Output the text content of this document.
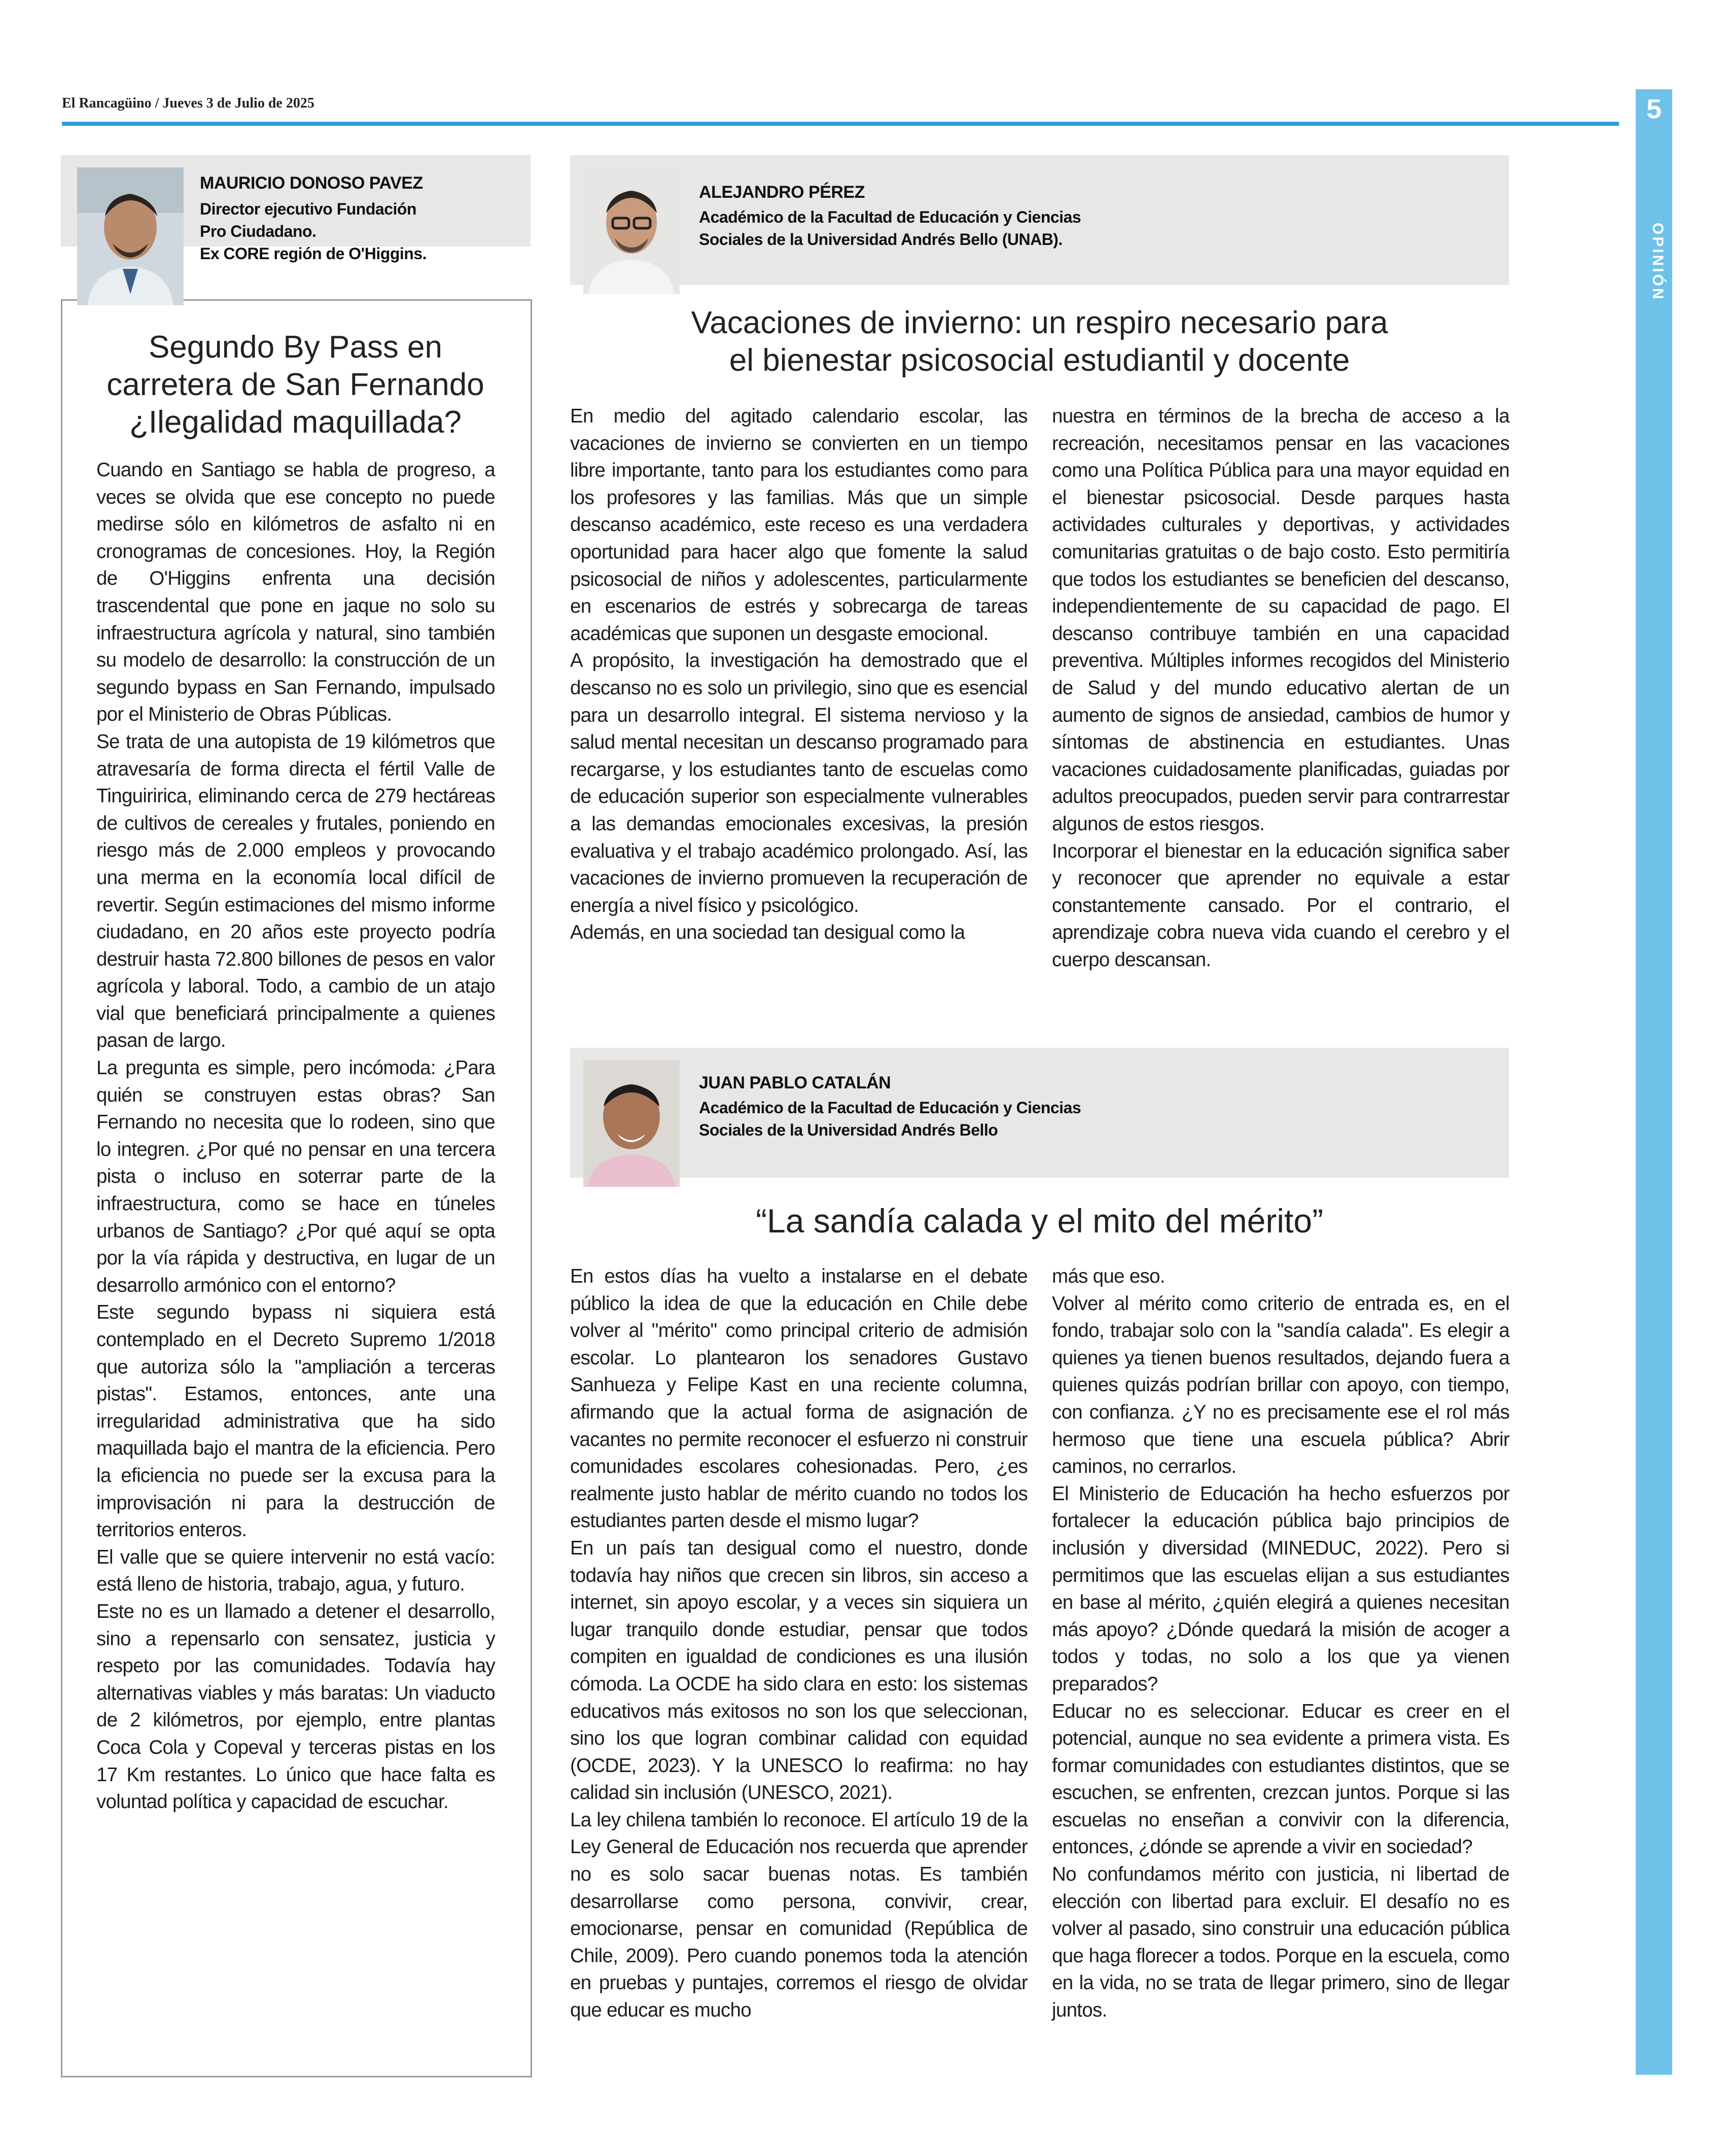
El Rancagüino / Jueves 3 de Julio de 2025	5
OPINIÓN
MAURICIO DONOSO PAVEZ
Director ejecutivo Fundación
Pro Ciudadano.
Ex CORE región de O'Higgins.
Segundo By Pass en
carretera de San Fernando
¿Ilegalidad maquillada?

Cuando en Santiago se habla de progreso, a veces se olvida que ese concepto no puede medirse sólo en kilómetros de asfalto ni en cronogramas de concesiones. Hoy, la Región de O'Higgins enfrenta una decisión trascendental que pone en jaque no solo su infraestructura agrícola y natural, sino también su modelo de desarrollo: la construcción de un segundo bypass en San Fernando, impulsado por el Ministerio de Obras Públicas.

Se trata de una autopista de 19 kilómetros que atravesaría de forma directa el fértil Valle de Tinguiririca, eliminando cerca de 279 hectáreas de cultivos de cereales y frutales, poniendo en riesgo más de 2.000 empleos y provocando una merma en la economía local difícil de revertir. Según estimaciones del mismo informe ciudadano, en 20 años este proyecto podría destruir hasta 72.800 billones de pesos en valor agrícola y laboral. Todo, a cambio de un atajo vial que beneficiará principalmente a quienes pasan de largo.

La pregunta es simple, pero incómoda: ¿Para quién se construyen estas obras? San Fernando no necesita que lo rodeen, sino que lo integren. ¿Por qué no pensar en una tercera pista o incluso en soterrar parte de la infraestructura, como se hace en túneles urbanos de Santiago? ¿Por qué aquí se opta por la vía rápida y destructiva, en lugar de un desarrollo armónico con el entorno?

Este segundo bypass ni siquiera está contemplado en el Decreto Supremo 1/2018 que autoriza sólo la "ampliación a terceras pistas". Estamos, entonces, ante una irregularidad administrativa que ha sido maquillada bajo el mantra de la eficiencia. Pero la eficiencia no puede ser la excusa para la improvisación ni para la destrucción de territorios enteros.

El valle que se quiere intervenir no está vacío: está lleno de historia, trabajo, agua, y futuro.

Este no es un llamado a detener el desarrollo, sino a repensarlo con sensatez, justicia y respeto por las comunidades. Todavía hay alternativas viables y más baratas: Un viaducto de 2 kilómetros, por ejemplo, entre plantas Coca Cola y Copeval y terceras pistas en los 17 Km restantes. Lo único que hace falta es voluntad política y capacidad de escuchar.

ALEJANDRO PÉREZ
Académico de la Facultad de Educación y Ciencias
Sociales de la Universidad Andrés Bello (UNAB).
Vacaciones de invierno: un respiro necesario para
el bienestar psicosocial estudiantil y docente

En medio del agitado calendario escolar, las vacaciones de invierno se convierten en un tiempo libre importante, tanto para los estudiantes como para los profesores y las familias. Más que un simple descanso académico, este receso es una verdadera oportunidad para hacer algo que fomente la salud psicosocial de niños y adolescentes, particularmente en escenarios de estrés y sobrecarga de tareas académicas que suponen un desgaste emocional.

A propósito, la investigación ha demostrado que el descanso no es solo un privilegio, sino que es esencial para un desarrollo integral. El sistema nervioso y la salud mental necesitan un descanso programado para recargarse, y los estudiantes tanto de escuelas como de educación superior son especialmente vulnerables a las demandas emocionales excesivas, la presión evaluativa y el trabajo académico prolongado. Así, las vacaciones de invierno promueven la recuperación de energía a nivel físico y psicológico.

Además, en una sociedad tan desigual como la

nuestra en términos de la brecha de acceso a la recreación, necesitamos pensar en las vacaciones como una Política Pública para una mayor equidad en el bienestar psicosocial. Desde parques hasta actividades culturales y deportivas, y actividades comunitarias gratuitas o de bajo costo. Esto permitiría que todos los estudiantes se beneficien del descanso, independientemente de su capacidad de pago. El descanso contribuye también en una capacidad preventiva. Múltiples informes recogidos del Ministerio de Salud y del mundo educativo alertan de un aumento de signos de ansiedad, cambios de humor y síntomas de abstinencia en estudiantes. Unas vacaciones cuidadosamente planificadas, guiadas por adultos preocupados, pueden servir para contrarrestar algunos de estos riesgos.

Incorporar el bienestar en la educación significa saber y reconocer que aprender no equivale a estar constantemente cansado. Por el contrario, el aprendizaje cobra nueva vida cuando el cerebro y el cuerpo descansan.

JUAN PABLO CATALÁN
Académico de la Facultad de Educación y Ciencias
Sociales de la Universidad Andrés Bello
“La sandía calada y el mito del mérito”

En estos días ha vuelto a instalarse en el debate público la idea de que la educación en Chile debe volver al "mérito" como principal criterio de admisión escolar. Lo plantearon los senadores Gustavo Sanhueza y Felipe Kast en una reciente columna, afirmando que la actual forma de asignación de vacantes no permite reconocer el esfuerzo ni construir comunidades escolares cohesionadas. Pero, ¿es realmente justo hablar de mérito cuando no todos los estudiantes parten desde el mismo lugar?

En un país tan desigual como el nuestro, donde todavía hay niños que crecen sin libros, sin acceso a internet, sin apoyo escolar, y a veces sin siquiera un lugar tranquilo donde estudiar, pensar que todos compiten en igualdad de condiciones es una ilusión cómoda. La OCDE ha sido clara en esto: los sistemas educativos más exitosos no son los que seleccionan, sino los que logran combinar calidad con equidad (OCDE, 2023). Y la UNESCO lo reafirma: no hay calidad sin inclusión (UNESCO, 2021).

La ley chilena también lo reconoce. El artículo 19 de la Ley General de Educación nos recuerda que aprender no es solo sacar buenas notas. Es también desarrollarse como persona, convivir, crear, emocionarse, pensar en comunidad (República de Chile, 2009). Pero cuando ponemos toda la atención en pruebas y puntajes, corremos el riesgo de olvidar que educar es mucho

más que eso.

Volver al mérito como criterio de entrada es, en el fondo, trabajar solo con la "sandía calada". Es elegir a quienes ya tienen buenos resultados, dejando fuera a quienes quizás podrían brillar con apoyo, con tiempo, con confianza. ¿Y no es precisamente ese el rol más hermoso que tiene una escuela pública? Abrir caminos, no cerrarlos.

El Ministerio de Educación ha hecho esfuerzos por fortalecer la educación pública bajo principios de inclusión y diversidad (MINEDUC, 2022). Pero si permitimos que las escuelas elijan a sus estudiantes en base al mérito, ¿quién elegirá a quienes necesitan más apoyo? ¿Dónde quedará la misión de acoger a todos y todas, no solo a los que ya vienen preparados?

Educar no es seleccionar. Educar es creer en el potencial, aunque no sea evidente a primera vista. Es formar comunidades con estudiantes distintos, que se escuchen, se enfrenten, crezcan juntos. Porque si las escuelas no enseñan a convivir con la diferencia, entonces, ¿dónde se aprende a vivir en sociedad?

No confundamos mérito con justicia, ni libertad de elección con libertad para excluir. El desafío no es volver al pasado, sino construir una educación pública que haga florecer a todos. Porque en la escuela, como en la vida, no se trata de llegar primero, sino de llegar juntos.
